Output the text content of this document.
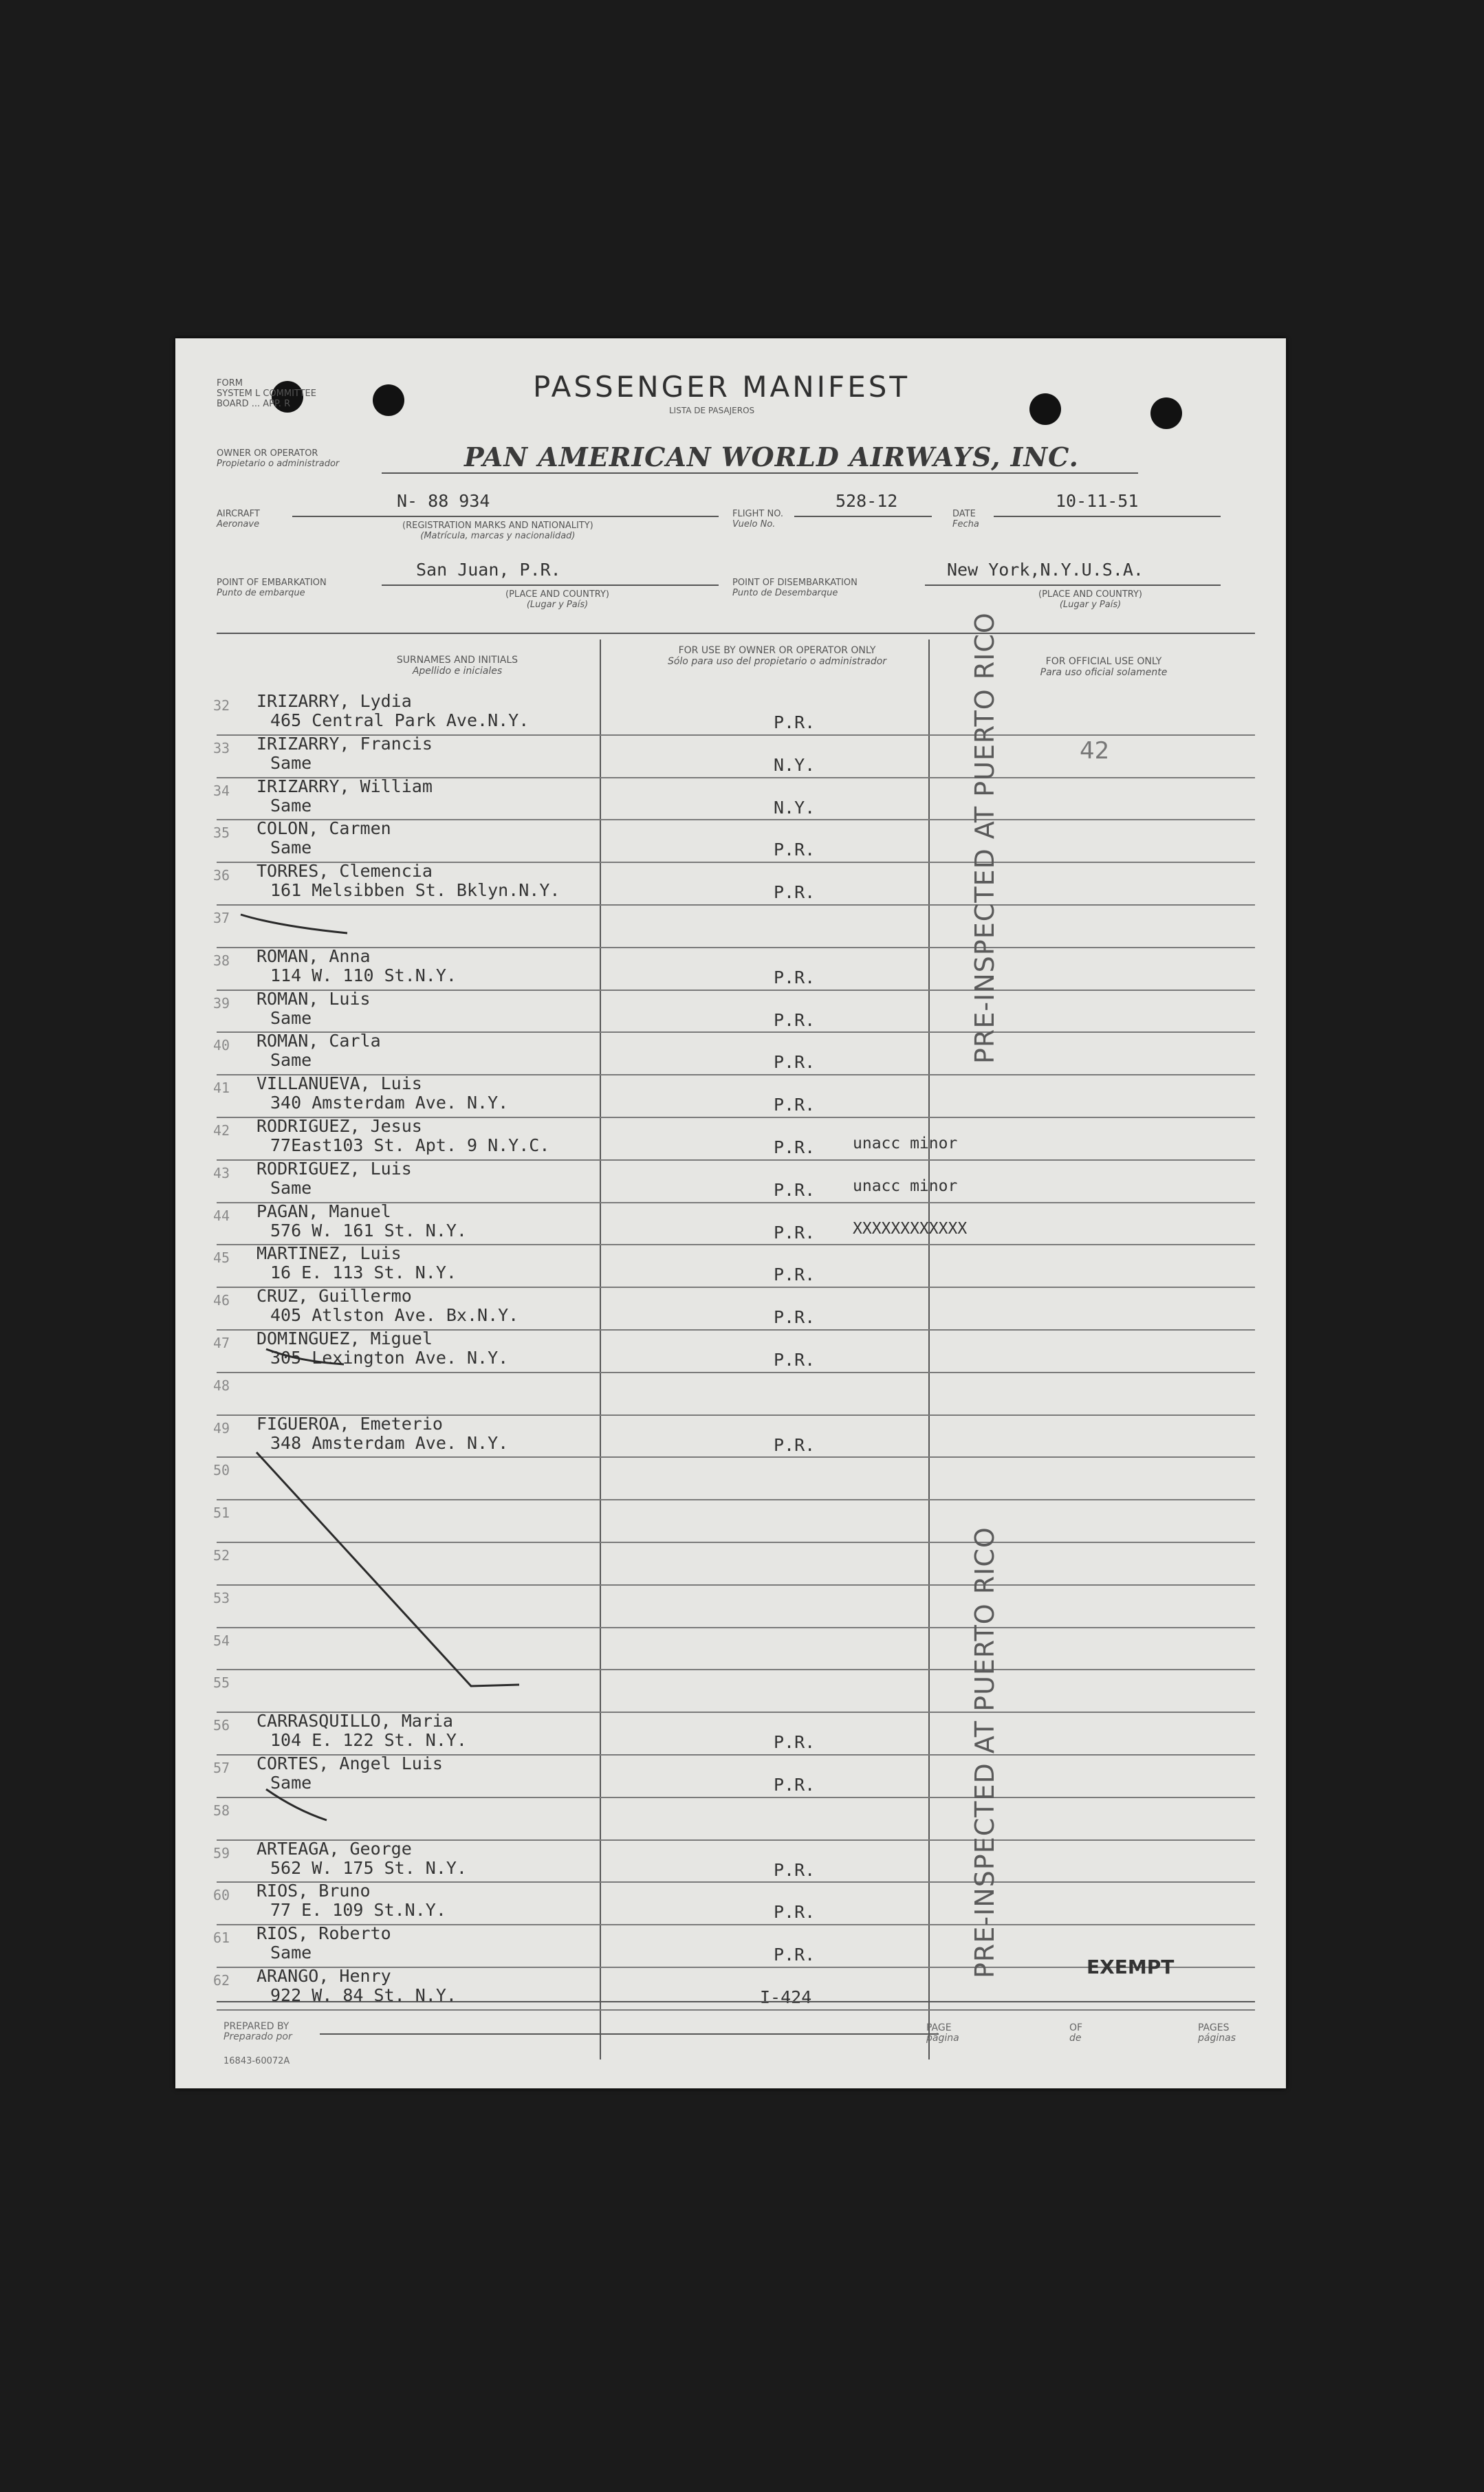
FORM
SYSTEM L COMMITTEE
BOARD ... APP. R
PASSENGER MANIFEST
LISTA DE PASAJEROS
OWNER OR OPERATOR
Propietario o administrador	PAN AMERICAN WORLD AIRWAYS, INC.
AIRCRAFT
Aeronave
N- 88 934
(REGISTRATION MARKS AND NATIONALITY)
(Matrícula, marcas y nacionalidad)
FLIGHT NO.
Vuelo No.
528-12
DATE
Fecha
10-11-51
POINT OF EMBARKATION
Punto de embarque
San Juan, P.R.
(PLACE AND COUNTRY)
(Lugar y País)
POINT OF DISEMBARKATION
Punto de Desembarque
New York,N.Y.U.S.A.
(PLACE AND COUNTRY)
(Lugar y País)
SURNAMES AND INITIALS
Apellido e iniciales
FOR USE BY OWNER OR OPERATOR ONLY
Sólo para uso del propietario o administrador	FOR OFFICIAL USE ONLY
Para uso oficial solamente
42
32 IRIZARRY, Lydia
465 Central Park Ave.N.Y.	P.R.
33 IRIZARRY, Francis
Same	N.Y.
34 IRIZARRY, William
Same	N.Y.
35 COLON, Carmen
Same	P.R.
36 TORRES, Clemencia
161 Melsibben St. Bklyn.N.Y.	P.R.
37
38 ROMAN, Anna
114 W. 110 St.N.Y.	P.R.
39 ROMAN, Luis
Same	P.R.
40 ROMAN, Carla
Same	P.R.
41 VILLANUEVA, Luis
340 Amsterdam Ave. N.Y.	P.R.
42 RODRIGUEZ, Jesus
77East103 St. Apt. 9 N.Y.C.	P.R. unacc minor
43 RODRIGUEZ, Luis
Same	P.R. unacc minor
44 PAGAN, Manuel
576 W. 161 St. N.Y.	P.R. XXXXXXXXXXXX
45 MARTINEZ, Luis
16 E. 113 St. N.Y.	P.R.
46 CRUZ, Guillermo
405 Atlston Ave. Bx.N.Y.	P.R.
47 DOMINGUEZ, Miguel
305 Lexington Ave. N.Y.	P.R.
48
49 FIGUEROA, Emeterio
348 Amsterdam Ave. N.Y.	P.R.
50
51
52
53
54
55
56 CARRASQUILLO, Maria
104 E. 122 St. N.Y.	P.R.
57 CORTES, Angel Luis
Same	P.R.
58
59 ARTEAGA, George
562 W. 175 St. N.Y.	P.R.
60 RIOS, Bruno
77 E. 109 St.N.Y.	P.R.
61 RIOS, Roberto
Same	P.R.
62 ARANGO, Henry
922 W. 84 St. N.Y.	I-424
PRE-INSPECTED AT PUERTO RICO
PRE-INSPECTED AT PUERTO RICO	EXEMPT
PREPARED BY
Preparado por
PAGE
página
OF
de
PAGES
páginas
16843-60072A
